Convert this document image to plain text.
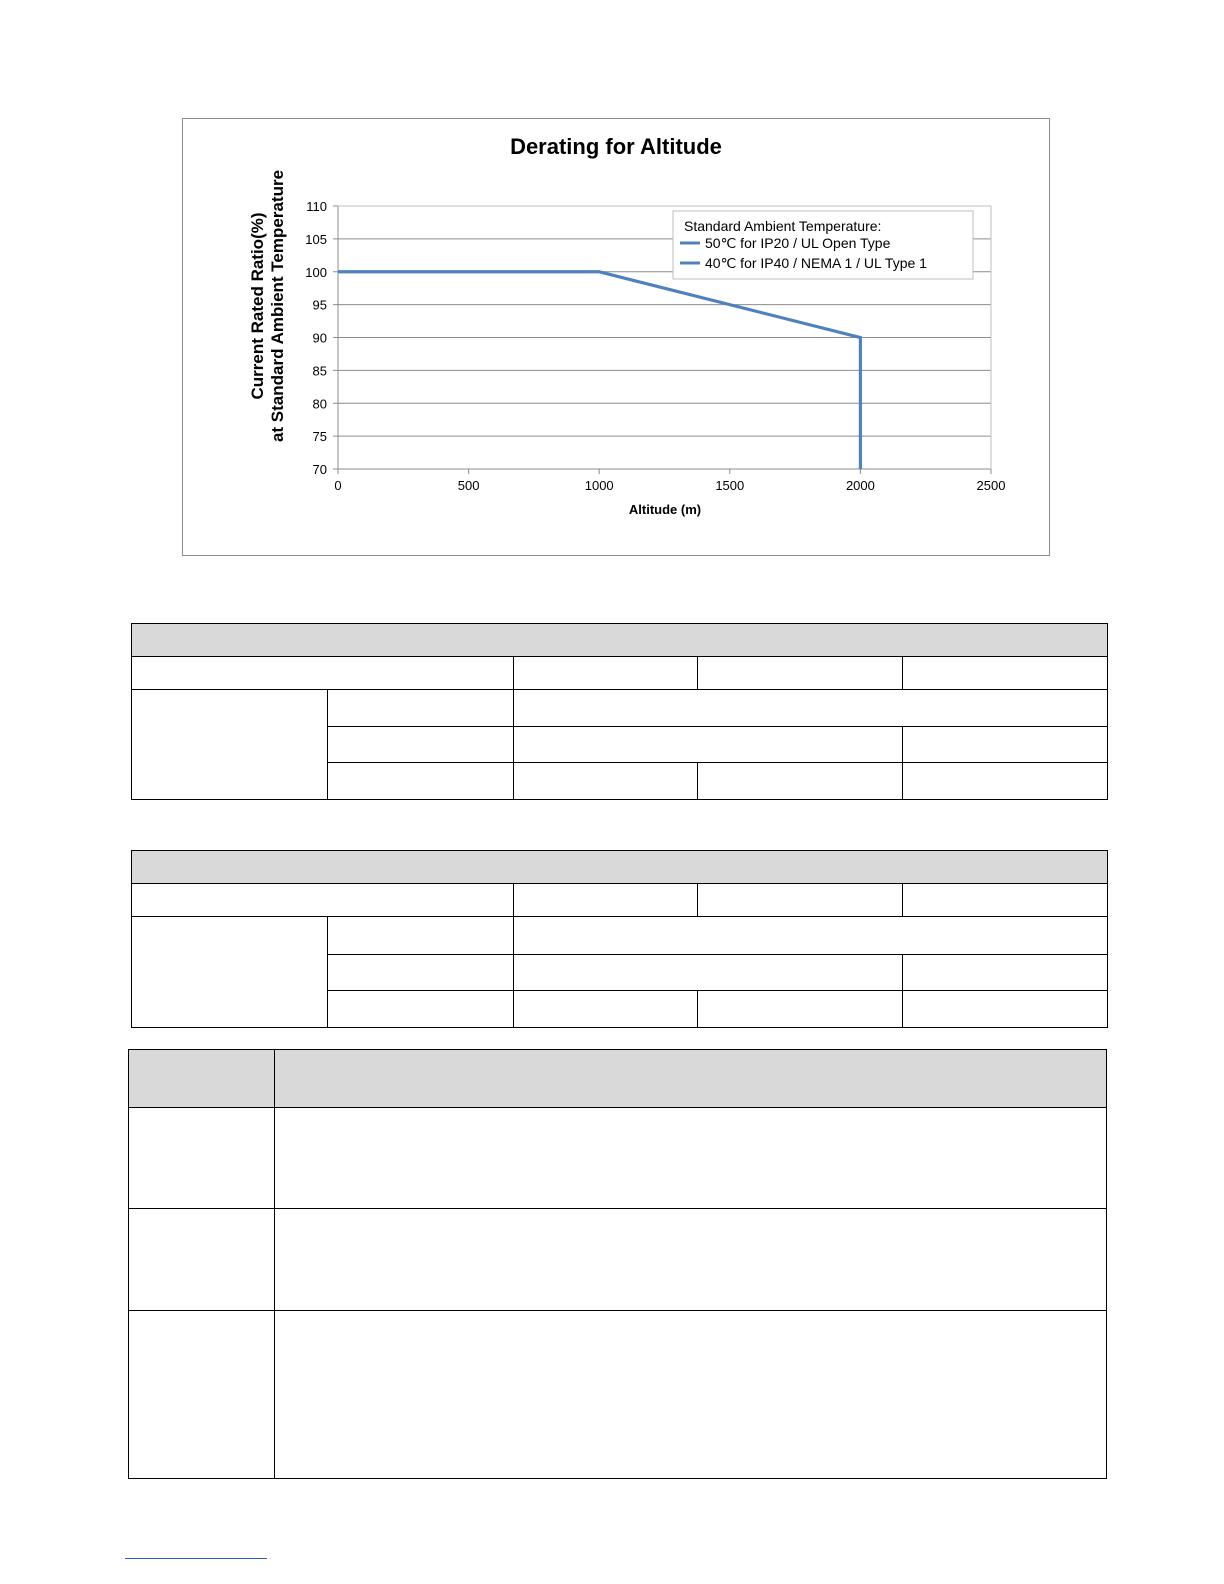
Derating for Altitude
Current Rated Ratio(%) at Standard Ambient Temperature
70
75
80
85
90
95
100
105
110
0	500	1000	1500	2000	2500
Altitude (m)
Standard Ambient Temperature:
50℃ for IP20 / UL Open Type
40℃ for IP40 / NEMA 1 / UL Type 1
